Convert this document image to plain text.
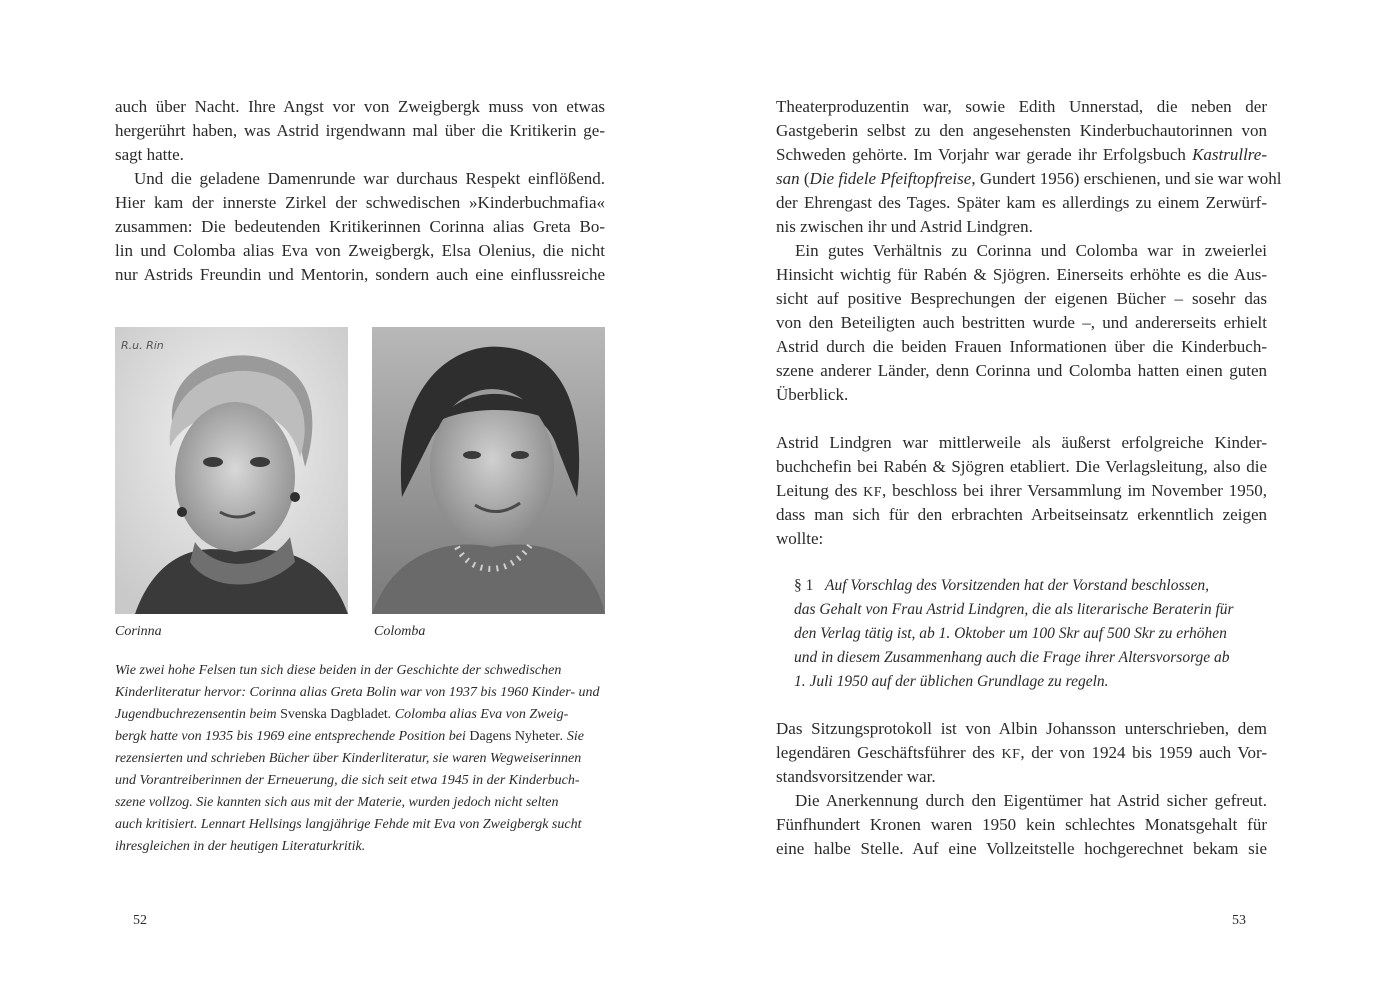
auch über Nacht. Ihre Angst vor von Zweigbergk muss von etwas

hergerührt haben, was Astrid irgendwann mal über die Kritikerin ge-

sagt hatte.

Und die geladene Damenrunde war durchaus Respekt einflößend.

Hier kam der innerste Zirkel der schwedischen »Kinderbuchmafia«

zusammen: Die bedeutenden Kritikerinnen Corinna alias Greta Bo-

lin und Colomba alias Eva von Zweigbergk, Elsa Olenius, die nicht

nur Astrids Freundin und Mentorin, sondern auch eine einflussreiche

R.u. Rin
Corinna	Colomba

Wie zwei hohe Felsen tun sich diese beiden in der Geschichte der schwedischen

Kinderliteratur hervor: Corinna alias Greta Bolin war von 1937 bis 1960 Kinder- und

Jugendbuchrezensentin beim Svenska Dagbladet. Colomba alias Eva von Zweig-

bergk hatte von 1935 bis 1969 eine entsprechende Position bei Dagens Nyheter. Sie

rezensierten und schrieben Bücher über Kinderliteratur, sie waren Wegweiserinnen

und Vorantreiberinnen der Erneuerung, die sich seit etwa 1945 in der Kinderbuch-

szene vollzog. Sie kannten sich aus mit der Materie, wurden jedoch nicht selten

auch kritisiert. Lennart Hellsings langjährige Fehde mit Eva von Zweigbergk sucht

ihresgleichen in der heutigen Literaturkritik.

52

Theaterproduzentin war, sowie Edith Unnerstad, die neben der

Gastgeberin selbst zu den angesehensten Kinderbuchautorinnen von

Schweden gehörte. Im Vorjahr war gerade ihr Erfolgsbuch Kastrullre-

san (Die fidele Pfeiftopfreise, Gundert 1956) erschienen, und sie war wohl

der Ehrengast des Tages. Später kam es allerdings zu einem Zerwürf-

nis zwischen ihr und Astrid Lindgren.

Ein gutes Verhältnis zu Corinna und Colomba war in zweierlei

Hinsicht wichtig für Rabén & Sjögren. Einerseits erhöhte es die Aus-

sicht auf positive Besprechungen der eigenen Bücher – sosehr das

von den Beteiligten auch bestritten wurde –, und andererseits erhielt

Astrid durch die beiden Frauen Informationen über die Kinderbuch-

szene anderer Länder, denn Corinna und Colomba hatten einen guten

Überblick.

Astrid Lindgren war mittlerweile als äußerst erfolgreiche Kinder-

buchchefin bei Rabén & Sjögren etabliert. Die Verlagsleitung, also die

Leitung des KF, beschloss bei ihrer Versammlung im November 1950,

dass man sich für den erbrachten Arbeitseinsatz erkenntlich zeigen

wollte:

§ 1 Auf Vorschlag des Vorsitzenden hat der Vorstand beschlossen,

das Gehalt von Frau Astrid Lindgren, die als literarische Beraterin für

den Verlag tätig ist, ab 1. Oktober um 100 Skr auf 500 Skr zu erhöhen

und in diesem Zusammenhang auch die Frage ihrer Altersvorsorge ab

1. Juli 1950 auf der üblichen Grundlage zu regeln.

Das Sitzungsprotokoll ist von Albin Johansson unterschrieben, dem

legendären Geschäftsführer des KF, der von 1924 bis 1959 auch Vor-

standsvorsitzender war.

Die Anerkennung durch den Eigentümer hat Astrid sicher gefreut.

Fünfhundert Kronen waren 1950 kein schlechtes Monatsgehalt für

eine halbe Stelle. Auf eine Vollzeitstelle hochgerechnet bekam sie

53
